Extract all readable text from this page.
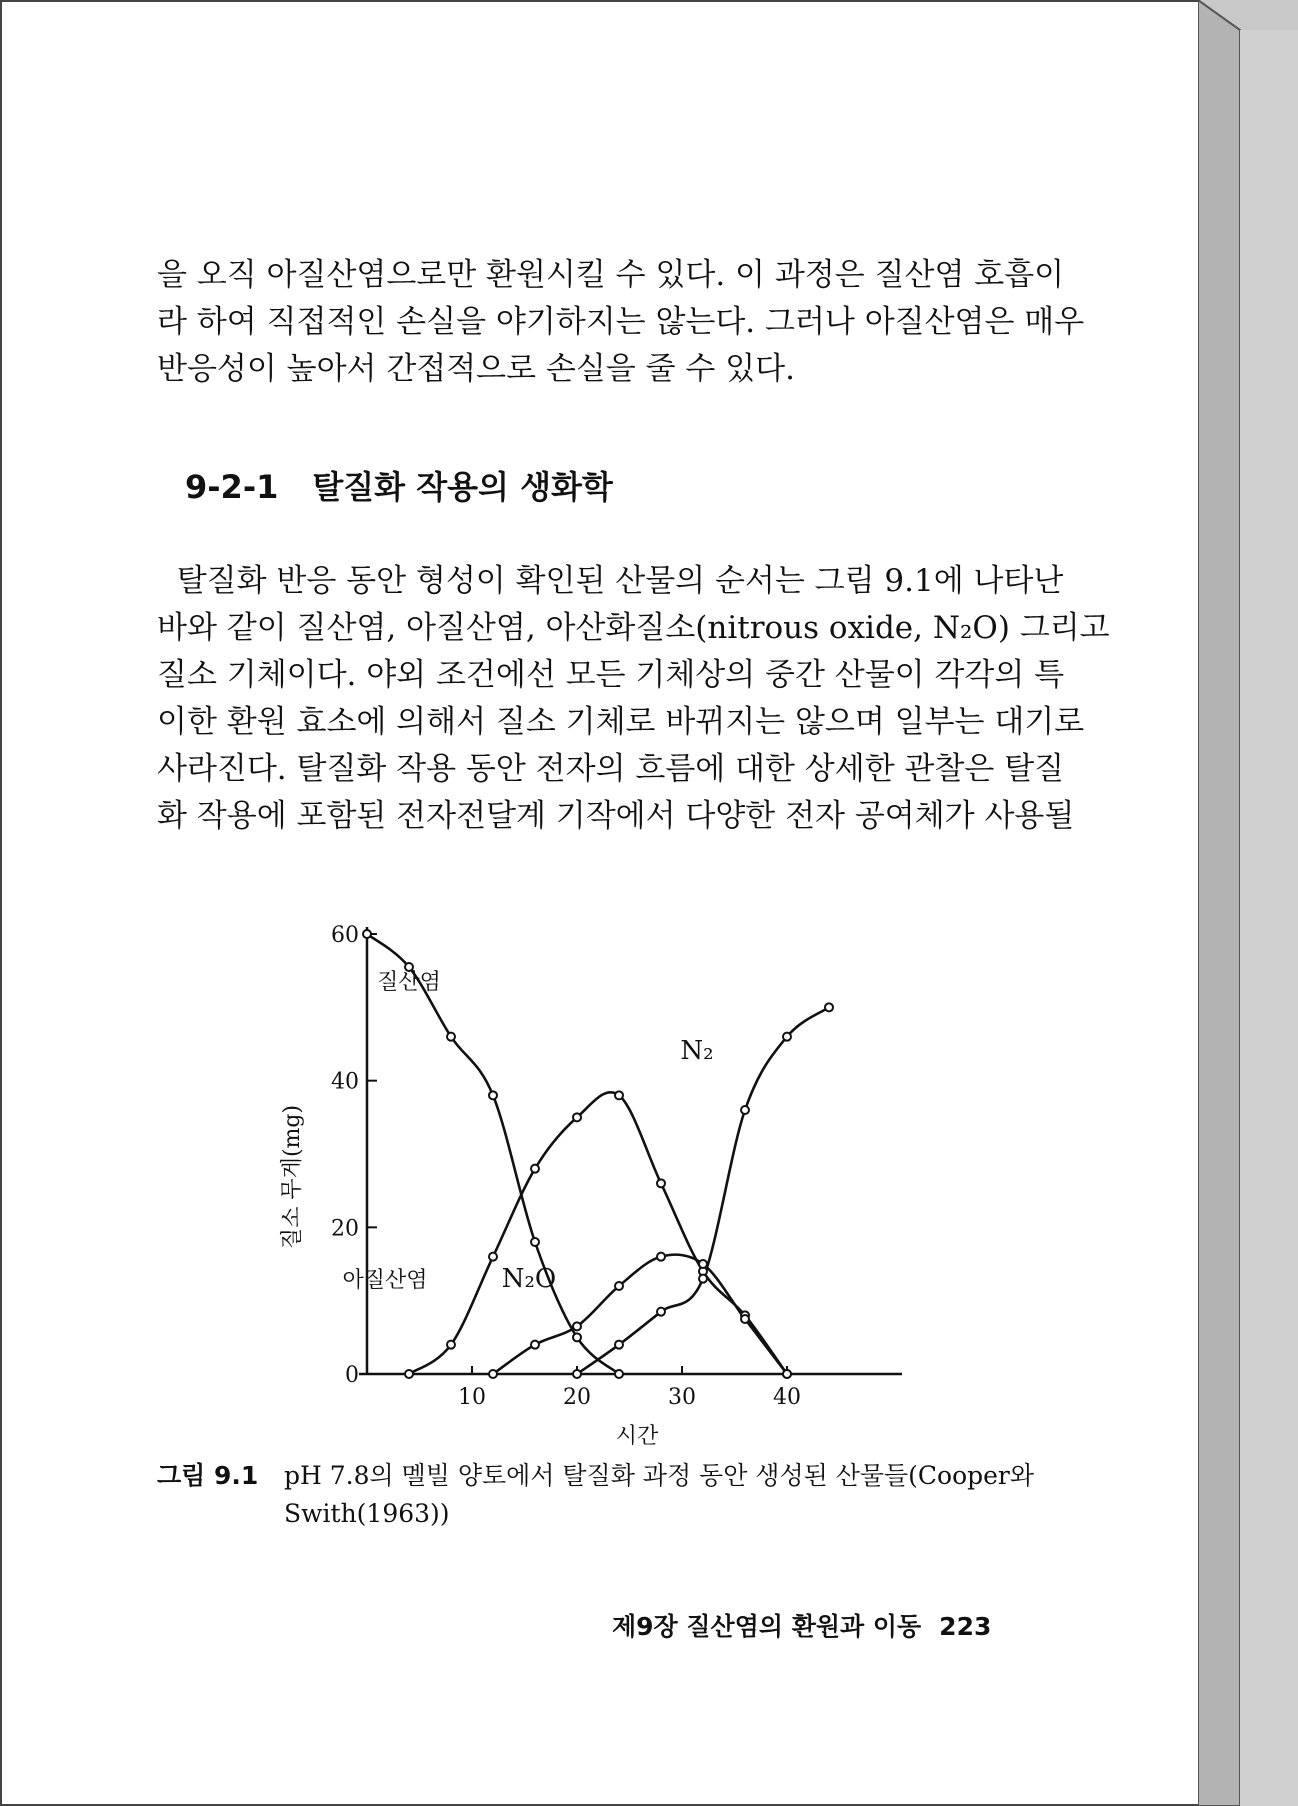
을 오직 아질산염으로만 환원시킬 수 있다. 이 과정은 질산염 호흡이
라 하여 직접적인 손실을 야기하지는 않는다. 그러나 아질산염은 매우
반응성이 높아서 간접적으로 손실을 줄 수 있다.
9-2-1 탈질화 작용의 생화학
탈질화 반응 동안 형성이 확인된 산물의 순서는 그림 9.1에 나타난
바와 같이 질산염, 아질산염, 아산화질소(nitrous oxide, N₂O) 그리고
질소 기체이다. 야외 조건에선 모든 기체상의 중간 산물이 각각의 특
이한 환원 효소에 의해서 질소 기체로 바뀌지는 않으며 일부는 대기로
사라진다. 탈질화 작용 동안 전자의 흐름에 대한 상세한 관찰은 탈질
화 작용에 포함된 전자전달계 기작에서 다양한 전자 공여체가 사용될
0
20
40
60
10	20	30	40
질산염
아질산염	N₂O
N₂
시간
질소 무게(mg)
그림 9.1 pH 7.8의 멜빌 양토에서 탈질화 과정 동안 생성된 산물들(Cooper와 Swith(1963))
제9장 질산염의 환원과 이동 223
